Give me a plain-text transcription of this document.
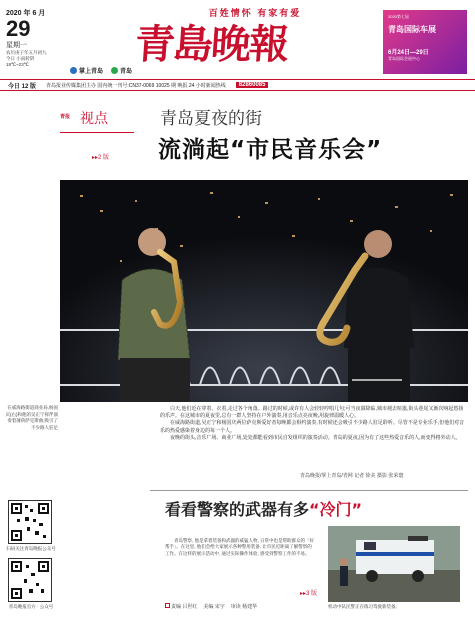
2020 年 6 月
29
星期一
农历庚子年五月初九
今日 小雨转阴
18℃~23℃
百姓情怀 有家有爱
青島晚報
掌上青岛	青岛
2020第七届
青岛国际车展
6月24日—29日
青岛国际会展中心
今日 12 版 青岛报业传媒集团主办 国内统一刊号:CN37-0069 10025 期 晚报 24 小时新闻热线	82860085
青报 视点
▸▸2 版
青岛夏夜的街
流淌起“市民音乐会”
在威海路街道商业局,杨国庆(右)和他的吴正宁挥伴演奏着薄荷萨克斯曲,吸引了不少路人驻足

白天,他们近在穿着、衣着,走过各个角落。路过的时候,或许有人会轻轻哼唱几句;可当夜幕降临,城市褪去喧嚣,街头巷尾又渐次响起悠扬的乐声。在这城市的夏夜里,总有一群人坚持在户外演奏,用音乐点亮夜晚,用旋律温暖人心。

在威海路街道,吴正宁和杨国庆两位萨克斯爱好者每晚都会相约演奏,有时候还会吸引不少路人驻足聆听。尽管不是专业乐手,但他们对音乐的热爱感染着身边的每一个人。

夜晚的街头,音乐广场、商业广场,处处都能看到市民自发组织的演奏活动。青岛的夏夜,因为有了这些热爱音乐的人,而变得格外动人。

青岛晚报/掌上青岛/青网 记者 徐美 摄影 张荣寰
扫码关注青岛晚报公众号
青岛晚报官方 · 公众号
看看警察的武器有多“冷门”
青岛警察, 他是拿着装备和武器的威猛人物, 日常中也是帮助群众的「好帮手」。在这里, 他们会给大家展示各种警用装备, 让市民近距离了解警察的工作。在这样的展示活动中, 通过实际操作体验, 感受到警察工作的不易。
▸▸3 版
机动中队民警正在练习驾驶新装备。
责编 吕世红 美编 宋宇 审读 杨建华
